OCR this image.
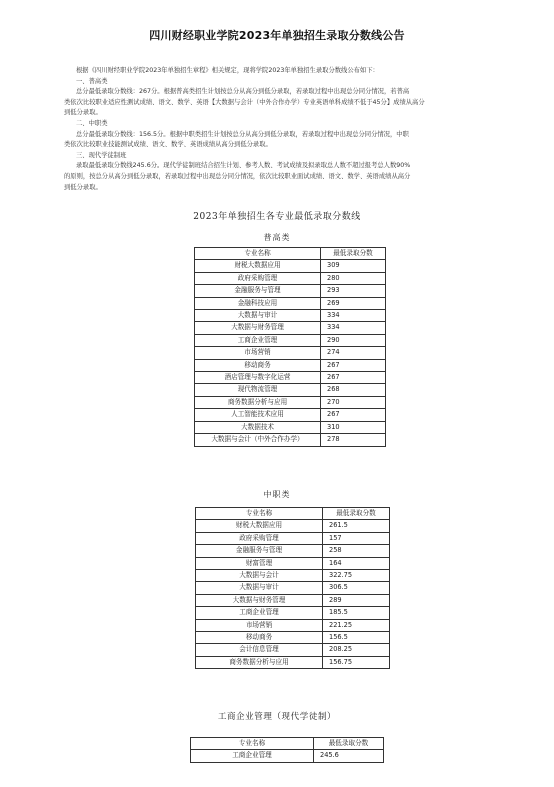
四川财经职业学院2023年单独招生录取分数线公告

根据《四川财经职业学院2023年单独招生章程》相关规定，现将学院2023年单独招生录取分数线公布如下：

一、普高类

总分最低录取分数线：267分。根据普高类招生计划按总分从高分到低分录取，若录取过程中出现总分同分情况，若普高

类依次比较职业适应性测试成绩、语文、数学、英语【大数据与会计（中外合作办学）专业英语单科成绩不低于45分】成绩从高分

到低分录取。

二、中职类

总分最低录取分数线：156.5分。根据中职类招生计划按总分从高分到低分录取，若录取过程中出现总分同分情况，中职

类依次比较职业技能测试成绩、语文、数学、英语成绩从高分到低分录取。

三、现代学徒制班

录取最低录取分数线245.6分。现代学徒制班结合招生计划、参考人数、考试成绩及拟录取总人数不超过报考总人数90%

的原则，按总分从高分到低分录取，若录取过程中出现总分同分情况，依次比较职业面试成绩、语文、数学、英语成绩从高分

到低分录取。

2023年单独招生各专业最低录取分数线
普高类
专业名称	最低录取分数
财税大数据应用	309
政府采购管理	280
金融服务与管理	293
金融科技应用	269
大数据与审计	334
大数据与财务管理	334
工商企业管理	290
市场营销	274
移动商务	267
酒店管理与数字化运营	267
现代物流管理	268
商务数据分析与应用	270
人工智能技术应用	267
大数据技术	310
大数据与会计（中外合作办学）	278
中职类
专业名称	最低录取分数
财税大数据应用	261.5
政府采购管理	157
金融服务与管理	258
财富管理	164
大数据与会计	322.75
大数据与审计	306.5
大数据与财务管理	289
工商企业管理	185.5
市场营销	221.25
移动商务	156.5
会计信息管理	208.25
商务数据分析与应用	156.75
工商企业管理（现代学徒制）
专业名称	最低录取分数
工商企业管理	245.6
